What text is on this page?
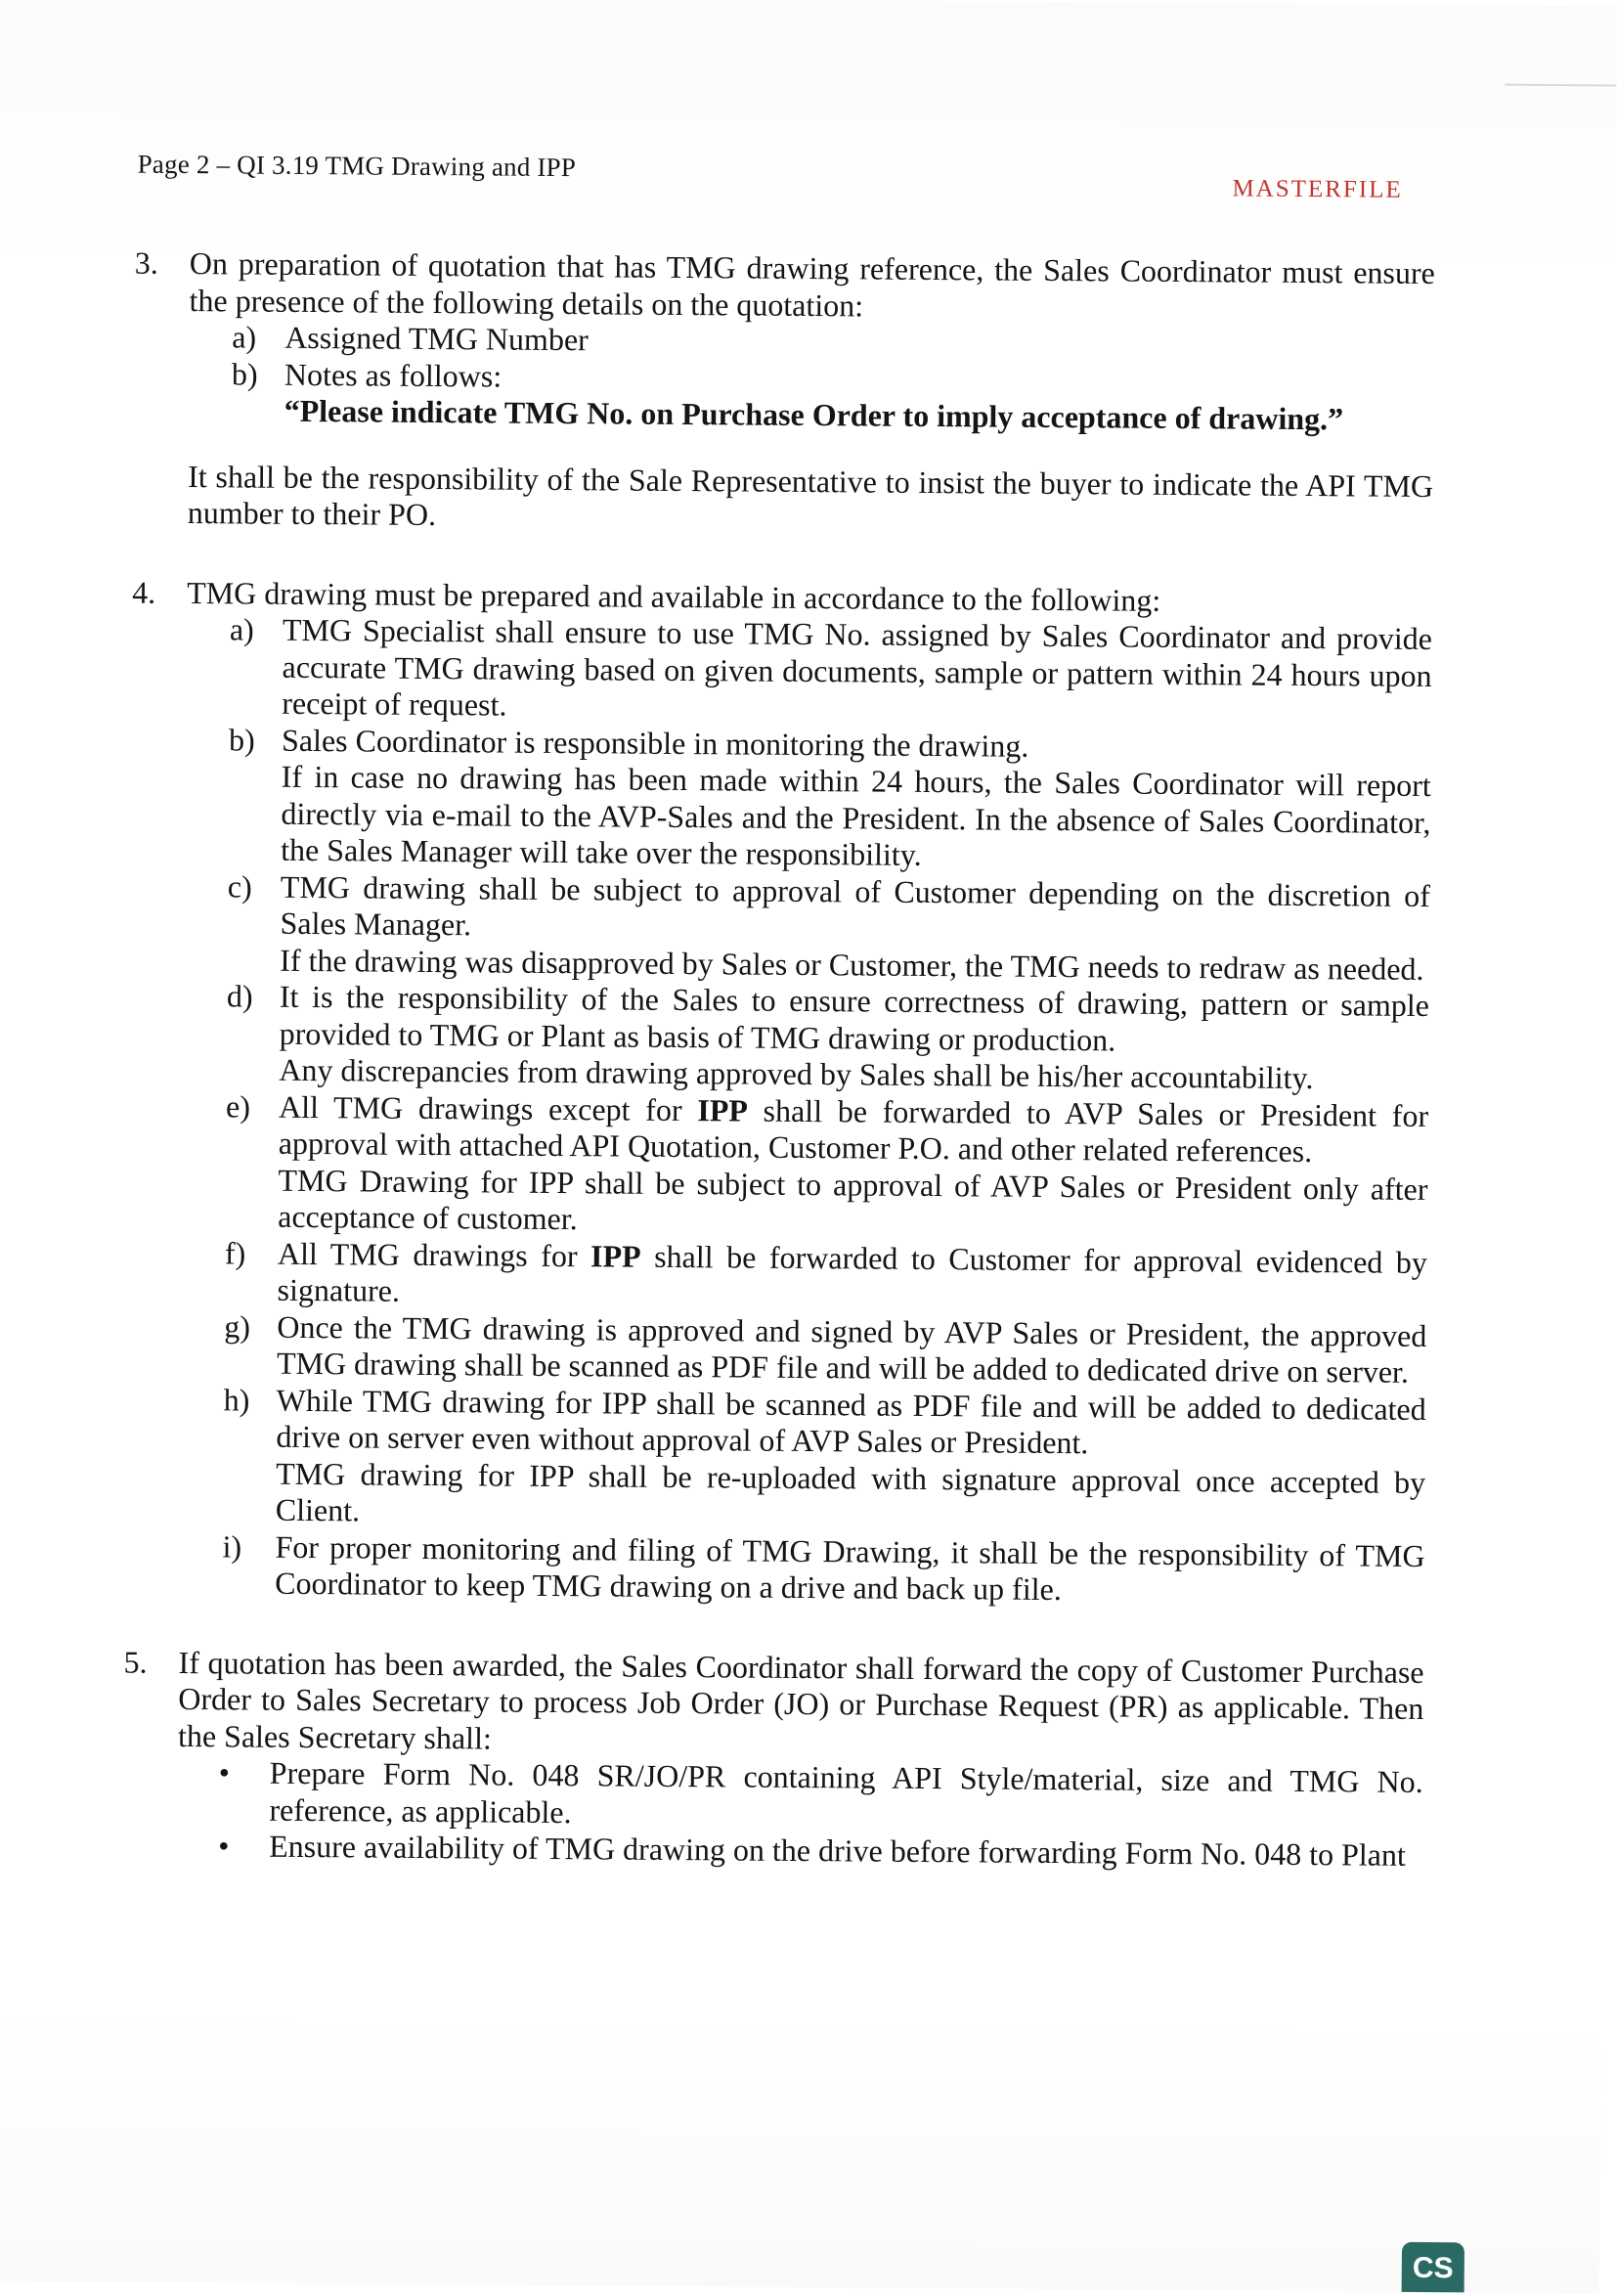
Page 2 – QI 3.19 TMG Drawing and IPP
MASTERFILE
3. On preparation of quotation that has TMG drawing reference, the Sales Coordinator must ensure the presence of the following details on the quotation:
a) Assigned TMG Number

b) Notes as follows:

“Please indicate TMG No. on Purchase Order to imply acceptance of drawing.”
It shall be the responsibility of the Sale Representative to insist the buyer to indicate the API TMG number to their PO.
4. TMG drawing must be prepared and available in accordance to the following:
a) TMG Specialist shall ensure to use TMG No. assigned by Sales Coordinator and provide accurate TMG drawing based on given documents, sample or pattern within 24 hours upon receipt of request.

b) Sales Coordinator is responsible in monitoring the drawing.

If in case no drawing has been made within 24 hours, the Sales Coordinator will report directly via e-mail to the AVP-Sales and the President. In the absence of Sales Coordinator, the Sales Manager will take over the responsibility.

c) TMG drawing shall be subject to approval of Customer depending on the discretion of Sales Manager.

If the drawing was disapproved by Sales or Customer, the TMG needs to redraw as needed.

d) It is the responsibility of the Sales to ensure correctness of drawing, pattern or sample provided to TMG or Plant as basis of TMG drawing or production.

Any discrepancies from drawing approved by Sales shall be his/her accountability.

e) All TMG drawings except for IPP shall be forwarded to AVP Sales or President for approval with attached API Quotation, Customer P.O. and other related references.

TMG Drawing for IPP shall be subject to approval of AVP Sales or President only after acceptance of customer.

f) All TMG drawings for IPP shall be forwarded to Customer for approval evidenced by signature.

g) Once the TMG drawing is approved and signed by AVP Sales or President, the approved TMG drawing shall be scanned as PDF file and will be added to dedicated drive on server.

h) While TMG drawing for IPP shall be scanned as PDF file and will be added to dedicated drive on server even without approval of AVP Sales or President.

TMG drawing for IPP shall be re-uploaded with signature approval once accepted by Client.

i) For proper monitoring and filing of TMG Drawing, it shall be the responsibility of TMG Coordinator to keep TMG drawing on a drive and back up file.

5. If quotation has been awarded, the Sales Coordinator shall forward the copy of Customer Purchase Order to Sales Secretary to process Job Order (JO) or Purchase Request (PR) as applicable. Then the Sales Secretary shall:
• Prepare Form No. 048 SR/JO/PR containing API Style/material, size and TMG No. reference, as applicable.
• Ensure availability of TMG drawing on the drive before forwarding Form No. 048 to Plant
CS
